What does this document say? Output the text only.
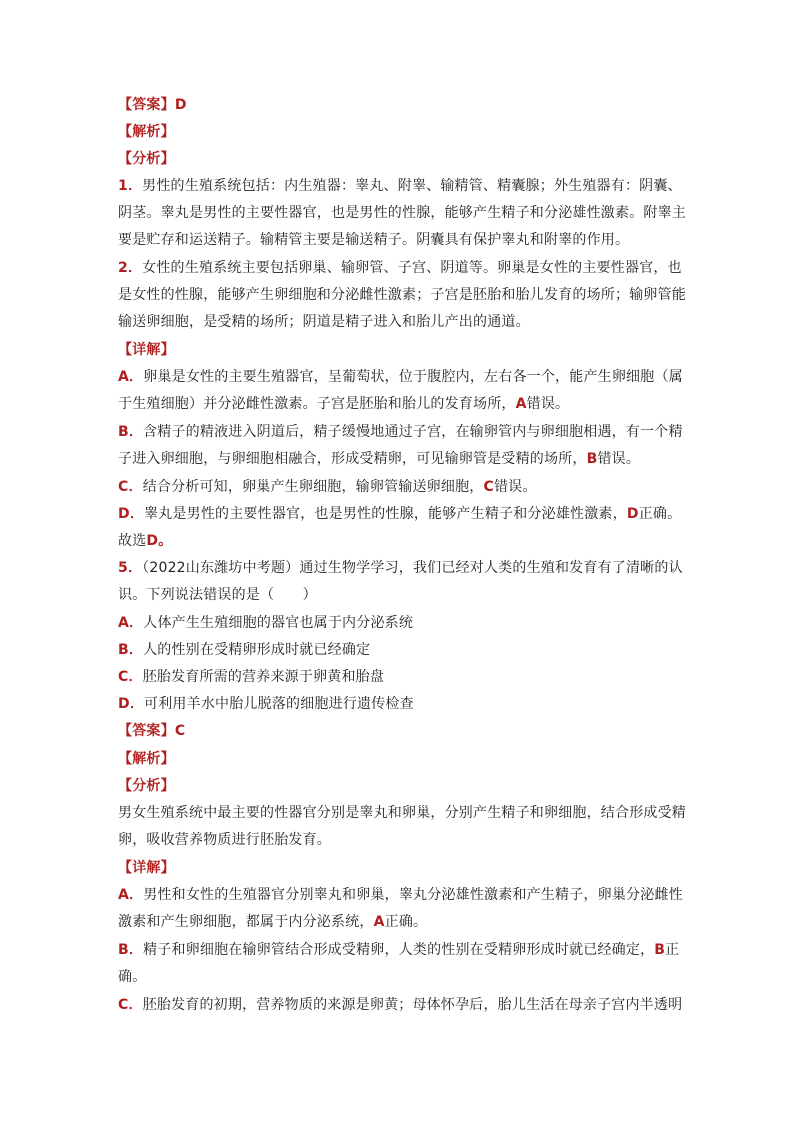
【答案】D
【解析】
【分析】
1．男性的生殖系统包括：内生殖器：睾丸、附睾、输精管、精囊腺；外生殖器有：阴囊、
阴茎。睾丸是男性的主要性器官，也是男性的性腺，能够产生精子和分泌雄性激素。附睾主
要是贮存和运送精子。输精管主要是输送精子。阴囊具有保护睾丸和附睾的作用。
2．女性的生殖系统主要包括卵巢、输卵管、子宫、阴道等。卵巢是女性的主要性器官，也
是女性的性腺，能够产生卵细胞和分泌雌性激素；子宫是胚胎和胎儿发育的场所；输卵管能
输送卵细胞，是受精的场所；阴道是精子进入和胎儿产出的通道。
【详解】
A．卵巢是女性的主要生殖器官，呈葡萄状，位于腹腔内，左右各一个，能产生卵细胞（属
于生殖细胞）并分泌雌性激素。子宫是胚胎和胎儿的发育场所，A错误。
B．含精子的精液进入阴道后，精子缓慢地通过子宫，在输卵管内与卵细胞相遇，有一个精
子进入卵细胞，与卵细胞相融合，形成受精卵，可见输卵管是受精的场所，B错误。
C．结合分析可知，卵巢产生卵细胞，输卵管输送卵细胞，C错误。
D．睾丸是男性的主要性器官，也是男性的性腺，能够产生精子和分泌雄性激素，D正确。
故选D。
5．（2022山东潍坊中考题）通过生物学学习，我们已经对人类的生殖和发育有了清晰的认
识。下列说法错误的是（　　）
A．人体产生生殖细胞的器官也属于内分泌系统
B．人的性别在受精卵形成时就已经确定
C．胚胎发育所需的营养来源于卵黄和胎盘
D．可利用羊水中胎儿脱落的细胞进行遗传检查
【答案】C
【解析】
【分析】
男女生殖系统中最主要的性器官分别是睾丸和卵巢，分别产生精子和卵细胞，结合形成受精
卵，吸收营养物质进行胚胎发育。
【详解】
A．男性和女性的生殖器官分别睾丸和卵巢，睾丸分泌雄性激素和产生精子，卵巢分泌雌性
激素和产生卵细胞，都属于内分泌系统，A正确。
B．精子和卵细胞在输卵管结合形成受精卵，人类的性别在受精卵形成时就已经确定，B正
确。
C．胚胎发育的初期，营养物质的来源是卵黄；母体怀孕后，胎儿生活在母亲子宫内半透明
